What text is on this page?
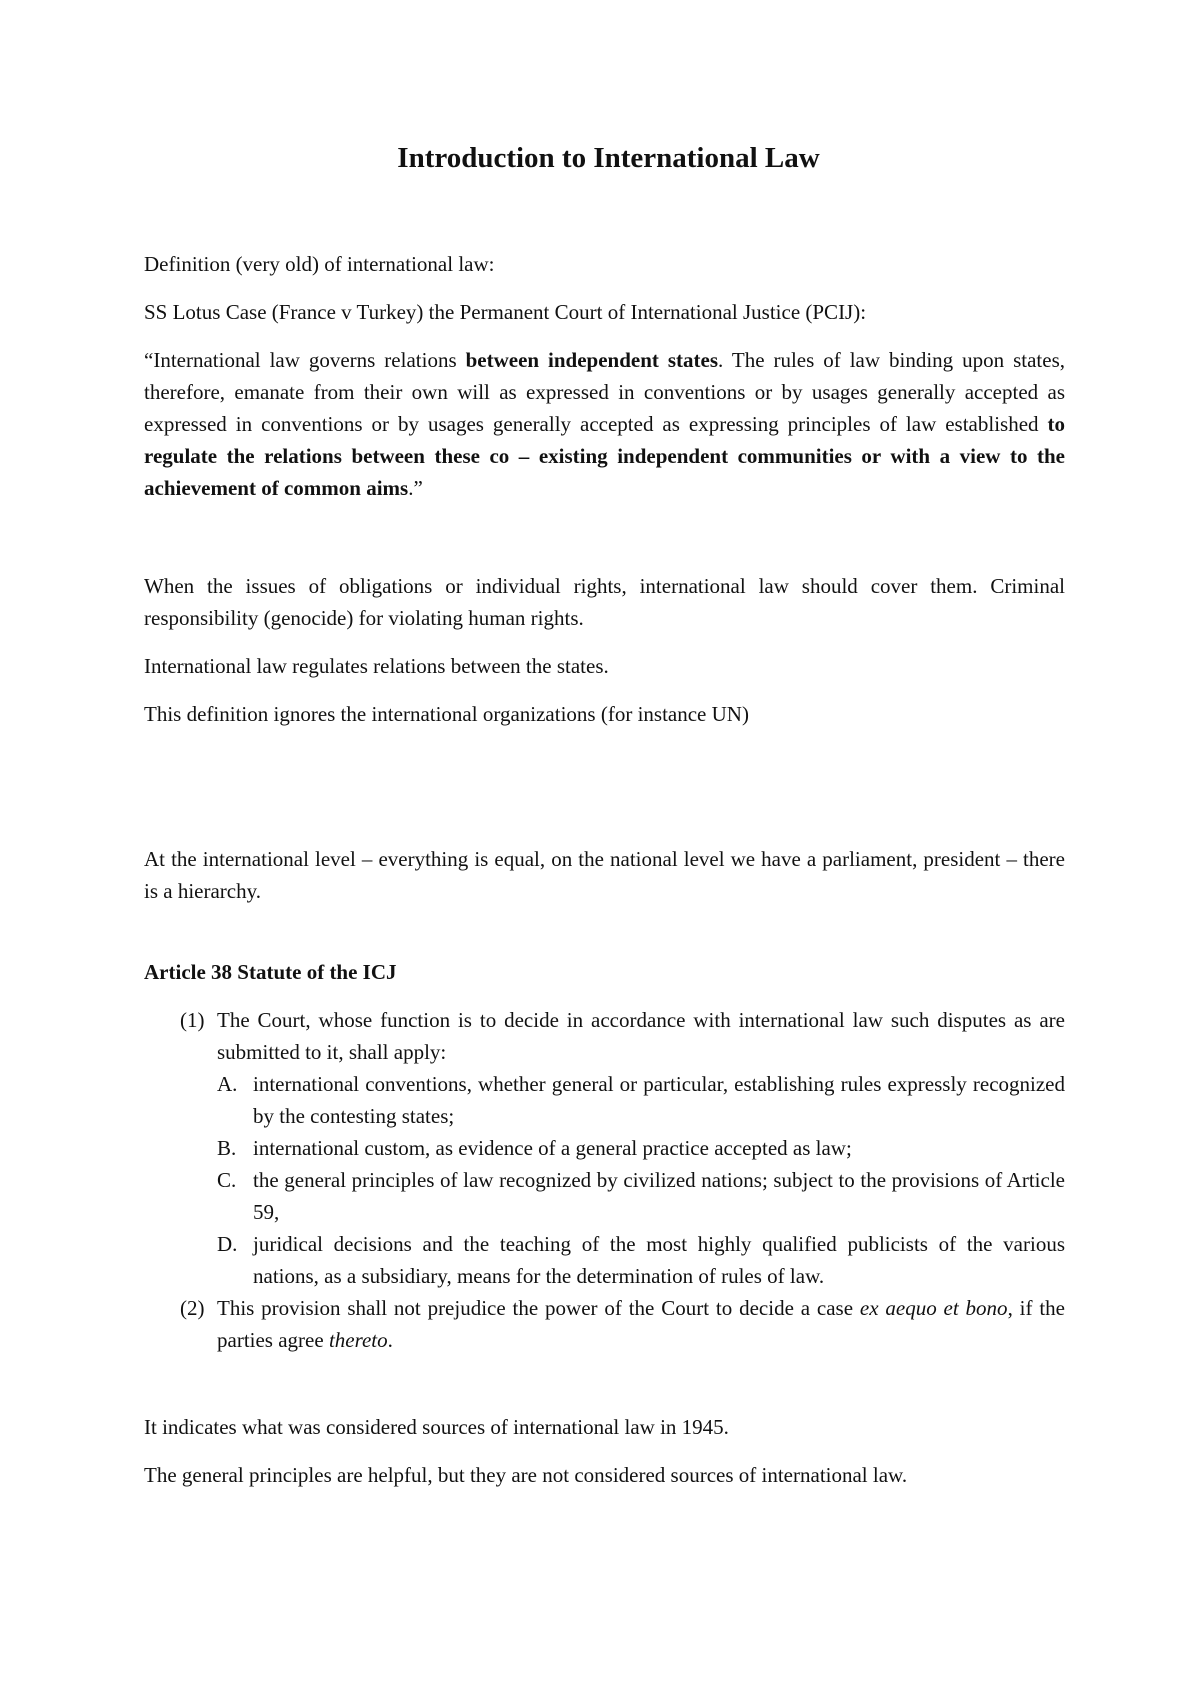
Introduction to International Law

Definition (very old) of international law:

SS Lotus Case (France v Turkey) the Permanent Court of International Justice (PCIJ):

“International law governs relations between independent states. The rules of law binding upon states, therefore, emanate from their own will as expressed in conventions or by usages generally accepted as expressed in conventions or by usages generally accepted as expressing principles of law established to regulate the relations between these co – existing independent communities or with a view to the achievement of common aims.”

When the issues of obligations or individual rights, international law should cover them. Criminal responsibility (genocide) for violating human rights.

International law regulates relations between the states.

This definition ignores the international organizations (for instance UN)

At the international level – everything is equal, on the national level we have a parliament, president – there is a hierarchy.

Article 38 Statute of the ICJ

(1) The Court, whose function is to decide in accordance with international law such disputes as are submitted to it, shall apply:
A. international conventions, whether general or particular, establishing rules expressly recognized by the contesting states;
B. international custom, as evidence of a general practice accepted as law;
C. the general principles of law recognized by civilized nations; subject to the provisions of Article 59,
D. juridical decisions and the teaching of the most highly qualified publicists of the various nations, as a subsidiary, means for the determination of rules of law.
(2) This provision shall not prejudice the power of the Court to decide a case ex aequo et bono, if the parties agree thereto.

It indicates what was considered sources of international law in 1945.

The general principles are helpful, but they are not considered sources of international law.
